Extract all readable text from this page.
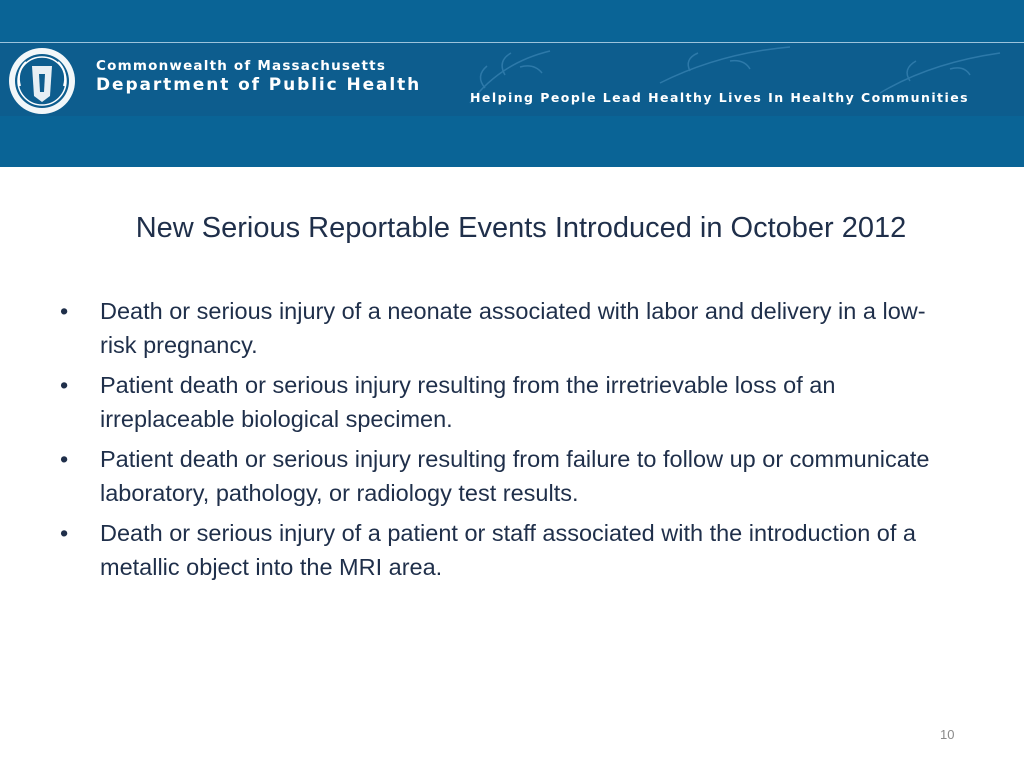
Commonwealth of Massachusetts
Department of Public Health
Helping People Lead Healthy Lives In Healthy Communities
New Serious Reportable Events Introduced in October 2012
•	Death or serious injury of a neonate associated with labor and delivery in a low-risk pregnancy.
•	Patient death or serious injury resulting from the irretrievable loss of an irreplaceable biological specimen.
•	Patient death or serious injury resulting from failure to follow up or communicate laboratory, pathology, or radiology test results.
•	Death or serious injury of a patient or staff associated with the introduction of a metallic object into the MRI area.
10
